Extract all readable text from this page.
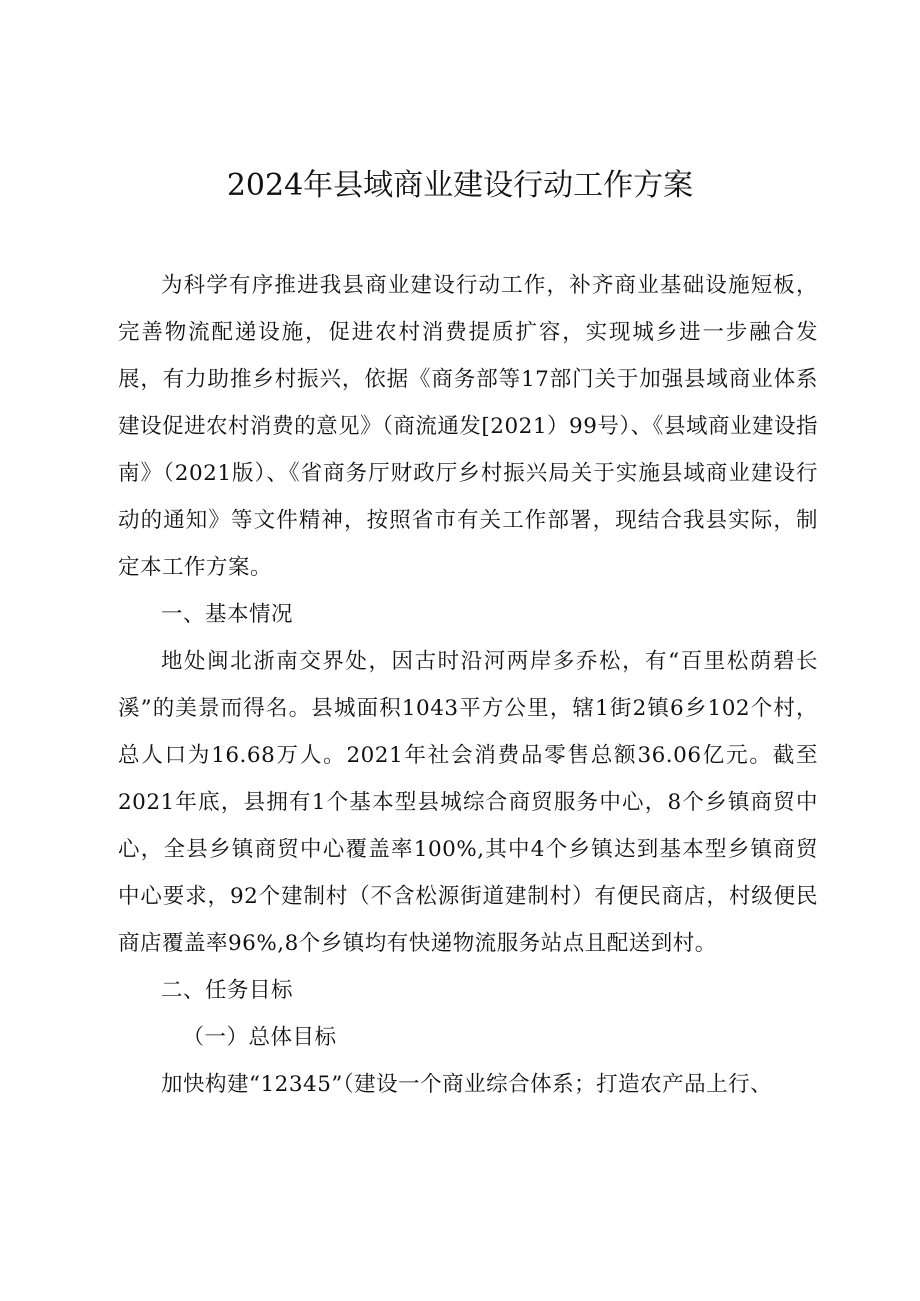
2024年县域商业建设行动工作方案

为科学有序推进我县商业建设行动工作，补齐商业基础设施短板，完善物流配递设施，促进农村消费提质扩容，实现城乡进一步融合发展，有力助推乡村振兴，依据《商务部等17部门关于加强县域商业体系建设促进农村消费的意见》（商流通发[2021）99号）、《县域商业建设指南》（2021版）、《省商务厅财政厅乡村振兴局关于实施县域商业建设行动的通知》等文件精神，按照省市有关工作部署，现结合我县实际，制定本工作方案。

一、基本情况

地处闽北浙南交界处，因古时沿河两岸多乔松，有“百里松荫碧长溪”的美景而得名。县城面积1043平方公里，辖1街2镇6乡102个村，总人口为16.68万人。2021年社会消费品零售总额36.06亿元。截至2021年底，县拥有1个基本型县城综合商贸服务中心，8个乡镇商贸中心，全县乡镇商贸中心覆盖率100%,其中4个乡镇达到基本型乡镇商贸中心要求，92个建制村（不含松源街道建制村）有便民商店，村级便民商店覆盖率96%,8个乡镇均有快递物流服务站点且配送到村。

二、任务目标

（一）总体目标

加快构建“12345”（建设一个商业综合体系；打造农产品上行、
